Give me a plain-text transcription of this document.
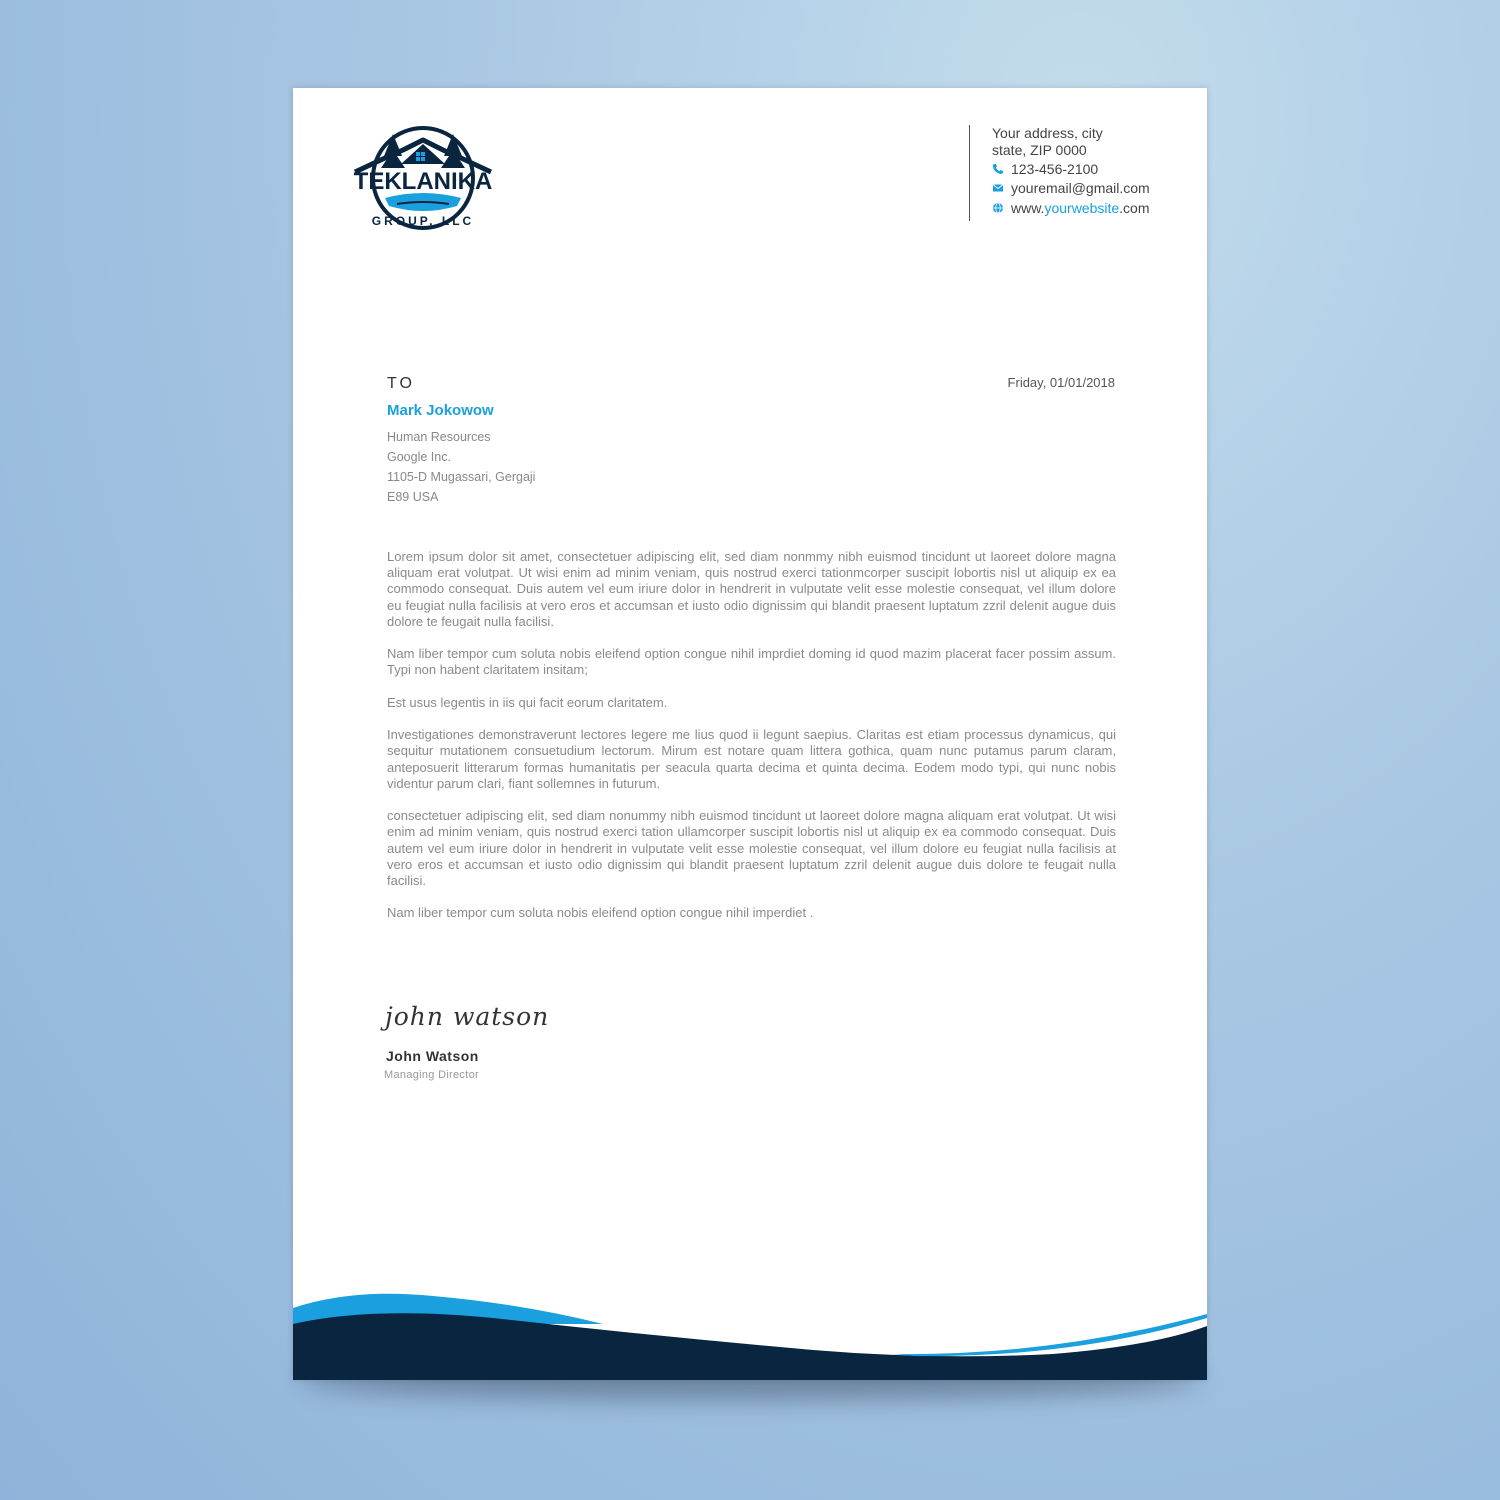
TEKLANIKA
GROUP, LLC
Your address, city
state, ZIP 0000
123-456-2100
youremail@gmail.com
www.yourwebsite.com
TO
Mark Jokowow
Human Resources
Google Inc.
1105-D Mugassari, Gergaji
E89 USA
Friday, 01/01/2018

Lorem ipsum dolor sit amet, consectetuer adipiscing elit, sed diam nonmmy nibh euismod tincidunt ut laoreet dolore magna aliquam erat volutpat. Ut wisi enim ad minim veniam, quis nostrud exerci tationmcorper suscipit lobortis nisl ut aliquip ex ea commodo consequat. Duis autem vel eum iriure dolor in hendrerit in vulputate velit esse molestie consequat, vel illum dolore eu feugiat nulla facilisis at vero eros et accumsan et iusto odio dignissim qui blandit praesent luptatum zzril delenit augue duis dolore te feugait nulla facilisi.

Nam liber tempor cum soluta nobis eleifend option congue nihil imprdiet doming id quod mazim placerat facer possim assum. Typi non habent claritatem insitam;

Est usus legentis in iis qui facit eorum claritatem.

Investigationes demonstraverunt lectores legere me lius quod ii legunt saepius. Claritas est etiam processus dynamicus, qui sequitur mutationem consuetudium lectorum. Mirum est notare quam littera gothica, quam nunc putamus parum claram, anteposuerit litterarum formas humanitatis per seacula quarta decima et quinta decima. Eodem modo typi, qui nunc nobis videntur parum clari, fiant sollemnes in futurum.

consectetuer adipiscing elit, sed diam nonummy nibh euismod tincidunt ut laoreet dolore magna aliquam erat volutpat. Ut wisi enim ad minim veniam, quis nostrud exerci tation ullamcorper suscipit lobortis nisl ut aliquip ex ea commodo consequat. Duis autem vel eum iriure dolor in hendrerit in vulputate velit esse molestie consequat, vel illum dolore eu feugiat nulla facilisis at vero eros et accumsan et iusto odio dignissim qui blandit praesent luptatum zzril delenit augue duis dolore te feugait nulla facilisi.

Nam liber tempor cum soluta nobis eleifend option congue nihil imperdiet .

john watson
John Watson
Managing Director
